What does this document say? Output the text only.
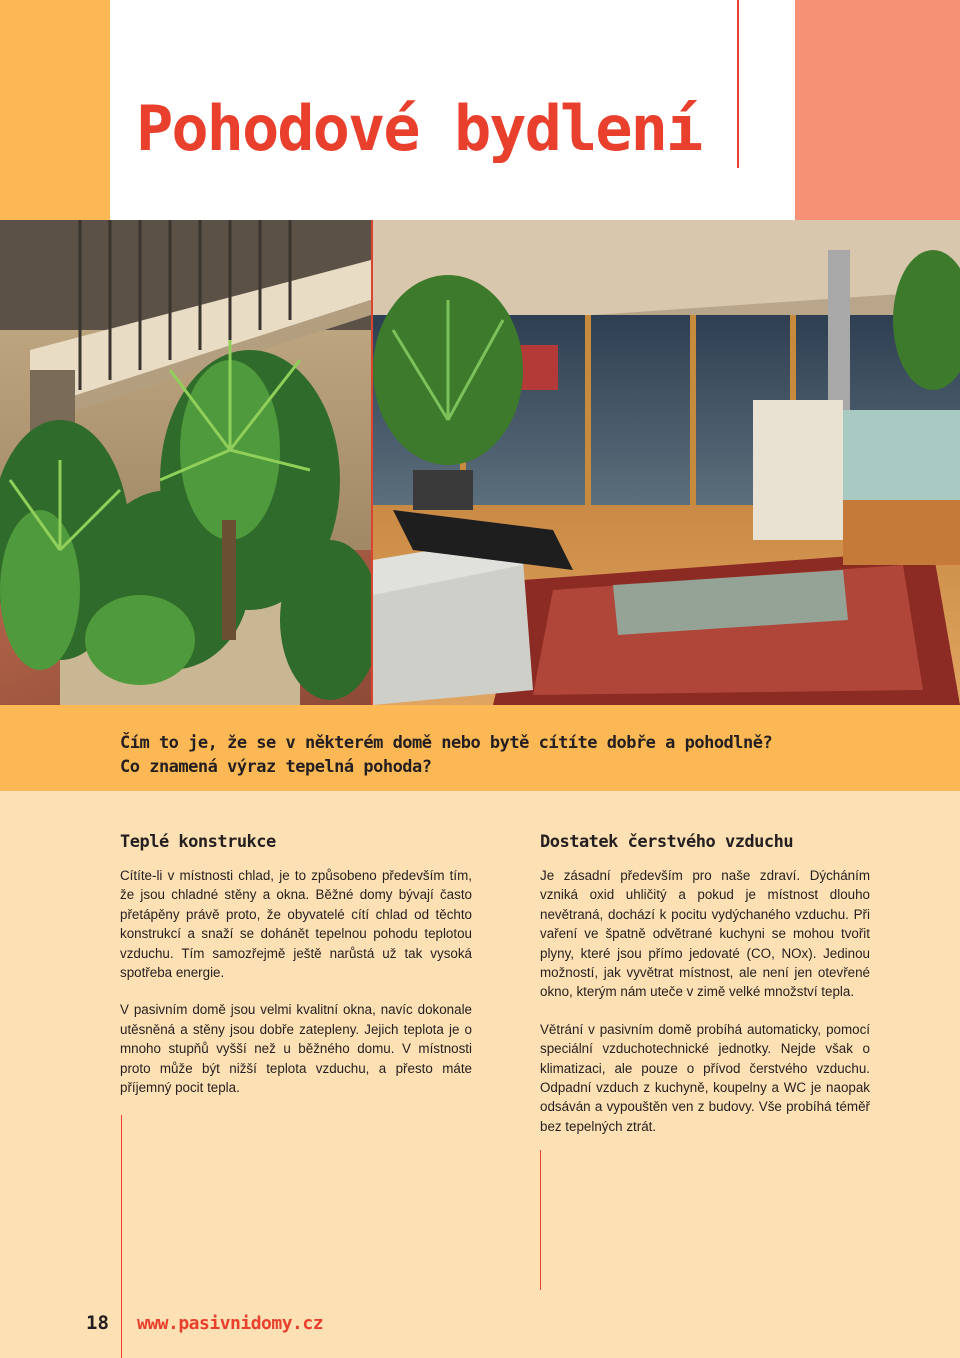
Pohodové bydlení
Čím to je, že se v některém domě nebo bytě cítíte dobře a pohodlně?
Co znamená výraz tepelná pohoda?
Teplé konstrukce

Cítíte-li v místnosti chlad, je to způsobeno především tím, že jsou chladné stěny a okna. Běžné domy bývají často přetápěny právě proto, že obyvatelé cítí chlad od těchto konstrukcí a snaží se dohánět tepelnou pohodu teplotou vzduchu. Tím samozřejmě ještě narůstá už tak vysoká spotřeba energie.

V pasivním domě jsou velmi kvalitní okna, navíc dokonale utěsněná a stěny jsou dobře zatepleny. Jejich teplota je o mnoho stupňů vyšší než u běžného domu. V místnosti proto může být nižší teplota vzduchu, a přesto máte příjemný pocit tepla.

Dostatek čerstvého vzduchu

Je zásadní především pro naše zdraví. Dýcháním vzniká oxid uhličitý a pokud je místnost dlouho nevětraná, dochází k pocitu vydýchaného vzduchu. Při vaření ve špatně odvětrané kuchyni se mohou tvořit plyny, které jsou přímo jedovaté (CO, NOx). Jedinou možností, jak vyvětrat místnost, ale není jen otevřené okno, kterým nám uteče v zimě velké množství tepla.

Větrání v pasivním domě probíhá automaticky, pomocí speciální vzduchotechnické jednotky. Nejde však o klimatizaci, ale pouze o přívod čerstvého vzduchu. Odpadní vzduch z kuchyně, koupelny a WC je naopak odsáván a vypouštěn ven z budovy. Vše probíhá téměř bez tepelných ztrát.

18 www.pasivnidomy.cz
